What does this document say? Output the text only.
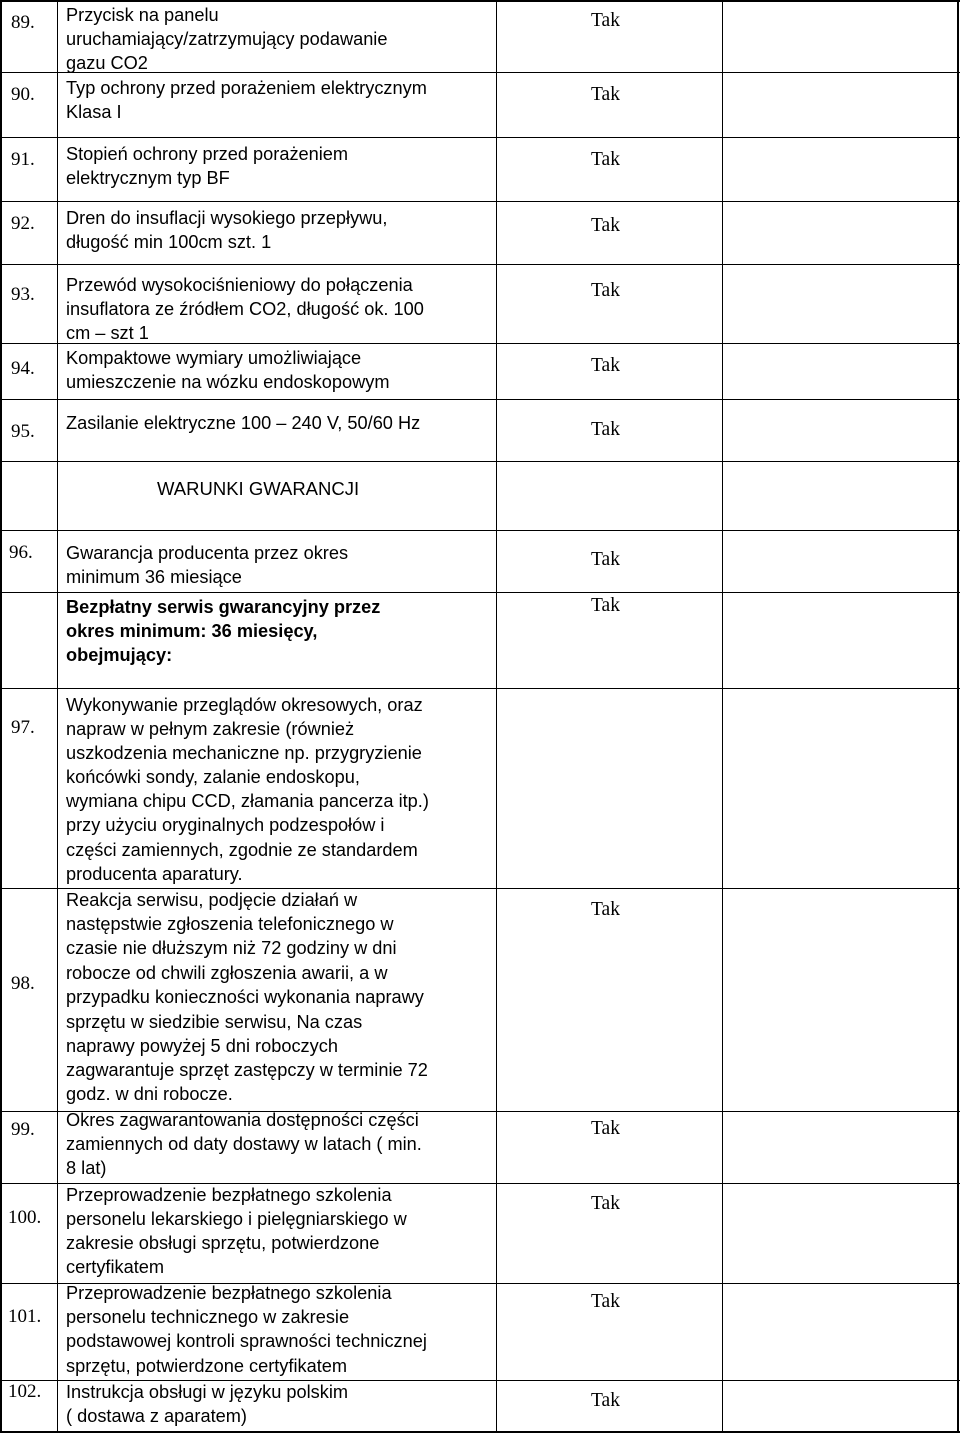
89. Przycisk na panelu
uruchamiający/zatrzymujący podawanie
gazu CO2
Tak
90. Typ ochrony przed porażeniem elektrycznym
Klasa I
Tak
91. Stopień ochrony przed porażeniem
elektrycznym typ BF
Tak
92. Dren do insuflacji wysokiego przepływu,
długość min 100cm szt. 1
Tak
93. Przewód wysokociśnieniowy do połączenia
insuflatora ze źródłem CO2, długość ok. 100
cm – szt 1
Tak
94. Kompaktowe wymiary umożliwiające
umieszczenie na wózku endoskopowym
Tak
95. Zasilanie elektryczne 100 – 240 V, 50/60 Hz	Tak
WARUNKI GWARANCJI
96. Gwarancja producenta przez okres
minimum 36 miesiące
Tak
Bezpłatny serwis gwarancyjny przez
okres minimum: 36 miesięcy,
obejmujący:
Tak
97.
Wykonywanie przeglądów okresowych, oraz
napraw w pełnym zakresie (również
uszkodzenia mechaniczne np. przygryzienie
końcówki sondy, zalanie endoskopu,
wymiana chipu CCD, złamania pancerza itp.)
przy użyciu oryginalnych podzespołów i
części zamiennych, zgodnie ze standardem
producenta aparatury.
98.
Reakcja serwisu, podjęcie działań w
następstwie zgłoszenia telefonicznego w
czasie nie dłuższym niż 72 godziny w dni
robocze od chwili zgłoszenia awarii, a w
przypadku konieczności wykonania naprawy
sprzętu w siedzibie serwisu, Na czas
naprawy powyżej 5 dni roboczych
zagwarantuje sprzęt zastępczy w terminie 72
godz. w dni robocze.
Tak
99. Okres zagwarantowania dostępności części
zamiennych od daty dostawy w latach ( min.
8 lat)
Tak
100.
Przeprowadzenie bezpłatnego szkolenia
personelu lekarskiego i pielęgniarskiego w
zakresie obsługi sprzętu, potwierdzone
certyfikatem
Tak
101.
Przeprowadzenie bezpłatnego szkolenia
personelu technicznego w zakresie
podstawowej kontroli sprawności technicznej
sprzętu, potwierdzone certyfikatem
Tak
102. Instrukcja obsługi w języku polskim
( dostawa z aparatem)
Tak
